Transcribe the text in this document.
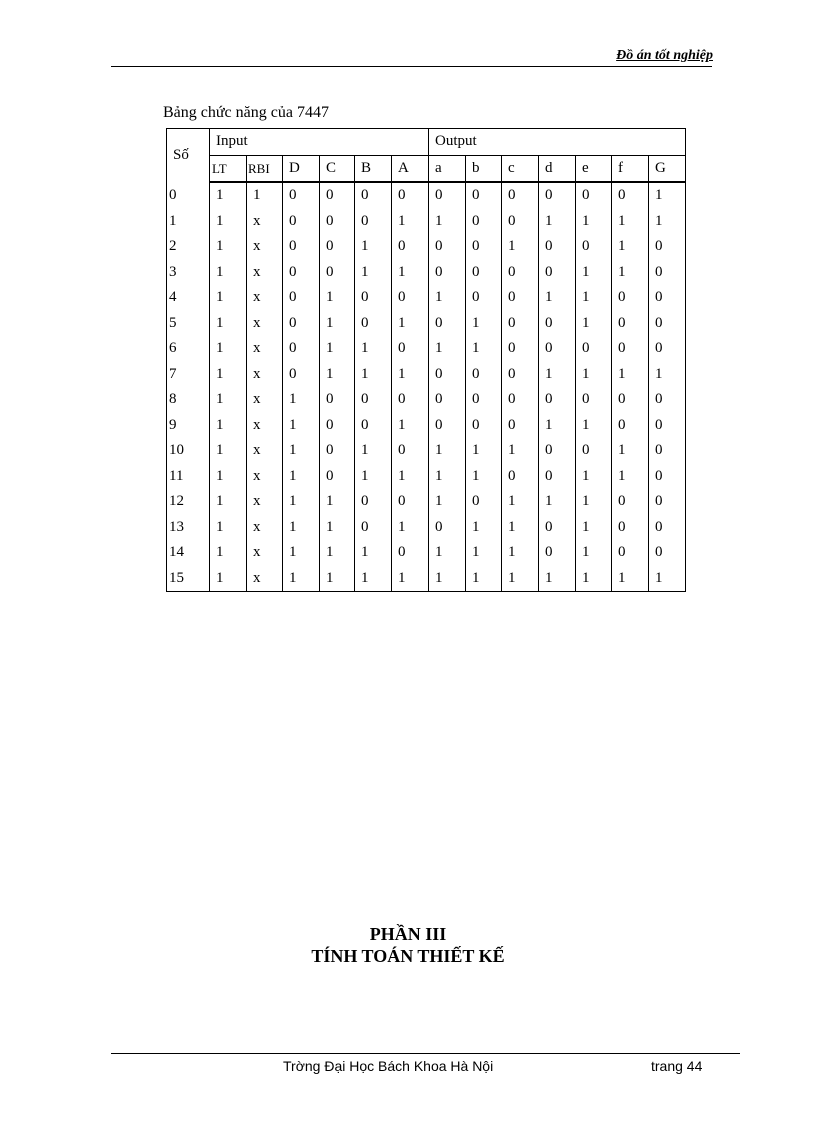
Đồ án tốt nghiệp
Bảng chức năng của 7447
Số	Input						Output						
	LT	RBI	D	C	B	A	a	b	c	d	e	f	G
0	1	1	0	0	0	0	0	0	0	0	0	0	1
1	1	x	0	0	0	1	1	0	0	1	1	1	1
2	1	x	0	0	1	0	0	0	1	0	0	1	0
3	1	x	0	0	1	1	0	0	0	0	1	1	0
4	1	x	0	1	0	0	1	0	0	1	1	0	0
5	1	x	0	1	0	1	0	1	0	0	1	0	0
6	1	x	0	1	1	0	1	1	0	0	0	0	0
7	1	x	0	1	1	1	0	0	0	1	1	1	1
8	1	x	1	0	0	0	0	0	0	0	0	0	0
9	1	x	1	0	0	1	0	0	0	1	1	0	0
10	1	x	1	0	1	0	1	1	1	0	0	1	0
11	1	x	1	0	1	1	1	1	0	0	1	1	0
12	1	x	1	1	0	0	1	0	1	1	1	0	0
13	1	x	1	1	0	1	0	1	1	0	1	0	0
14	1	x	1	1	1	0	1	1	1	0	1	0	0
15	1	x	1	1	1	1	1	1	1	1	1	1	1
PHẦN III
TÍNH TOÁN THIẾT KẾ
Trờng Đại Học Bách Khoa Hà Nội	trang 44
